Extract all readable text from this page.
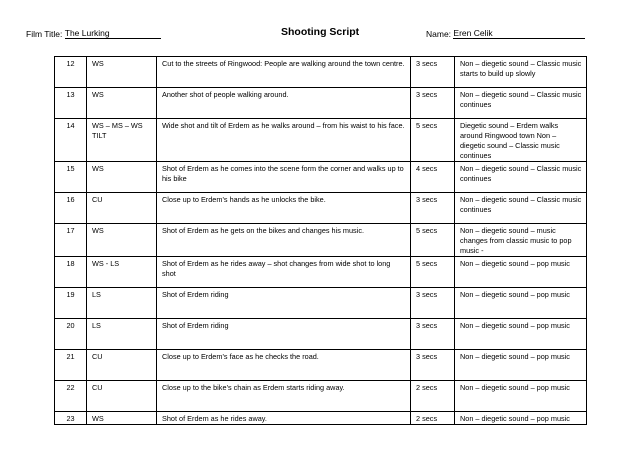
Film Title: The Lurking	Shooting Script	Name: Eren Celik
12	WS	Cut to the streets of Ringwood: People are walking around the town centre.	3 secs	Non – diegetic sound – Classic music starts to build up slowly
13	WS	Another shot of people walking around.	3 secs	Non – diegetic sound – Classic music continues
14	WS – MS – WS TILT	Wide shot and tilt of Erdem as he walks around – from his waist to his face.	5 secs	Diegetic sound – Erdem walks around Ringwood town Non – diegetic sound – Classic music continues
15	WS	Shot of Erdem as he comes into the scene form the corner and walks up to his bike	4 secs	Non – diegetic sound – Classic music continues
16	CU	Close up to Erdem’s hands as he unlocks the bike.	3 secs	Non – diegetic sound – Classic music continues
17	WS	Shot of Erdem as he gets on the bikes and changes his music.	5 secs	Non – diegetic sound – music changes from classic music to pop music -
18	WS - LS	Shot of Erdem as he rides away – shot changes from wide shot to long shot	5 secs	Non – diegetic sound – pop music
19	LS	Shot of Erdem riding	3 secs	Non – diegetic sound – pop music
20	LS	Shot of Erdem riding	3 secs	Non – diegetic sound – pop music
21	CU	Close up to Erdem’s face as he checks the road.	3 secs	Non – diegetic sound – pop music
22	CU	Close up to the bike’s chain as Erdem starts riding away.	2 secs	Non – diegetic sound – pop music
23	WS	Shot of Erdem as he rides away.	2 secs	Non – diegetic sound – pop music
